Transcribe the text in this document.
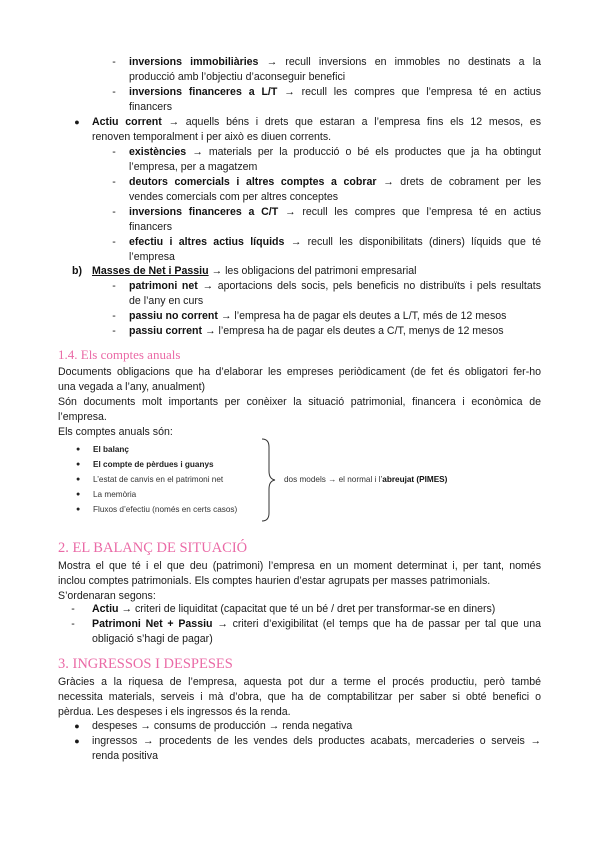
-	inversions immobiliàries → recull inversions en immobles no destinats a la
producció amb l’objectiu d’aconseguir benefici
-	inversions financeres a L/T → recull les compres que l’empresa té en actius
financers
● Actiu corrent → aquells béns i drets que estaran a l’empresa fins els 12 mesos, es
renoven temporalment i per això es diuen corrents.
-	existències → materials per la producció o bé els productes que ja ha obtingut
l’empresa, per a magatzem
-	deutors comercials i altres comptes a cobrar → drets de cobrament per les
vendes comercials com per altres conceptes
-	inversions financeres a C/T → recull les compres que l’empresa té en actius
financers
-	efectiu i altres actius líquids → recull les disponibilitats (diners) líquids que té
l’empresa
b) Masses de Net i Passiu → les obligacions del patrimoni empresarial
-	patrimoni net → aportacions dels socis, pels beneficis no distribuïts i pels resultats
de l’any en curs
-	passiu no corrent → l’empresa ha de pagar els deutes a L/T, més de 12 mesos
-	passiu corrent → l’empresa ha de pagar els deutes a C/T, menys de 12 mesos
1.4. Els comptes anuals
Documents obligacions que ha d’elaborar les empreses periòdicament (de fet és obligatori fer-ho
una vegada a l’any, anualment)
Són documents molt importants per conèixer la situació patrimonial, financera i econòmica de
l’empresa.
Els comptes anuals són:
● El balanç
● El compte de pèrdues i guanys
● L’estat de canvis en el patrimoni net
● La memòria
● Fluxos d’efectiu (només en certs casos)
dos models → el normal i l’abreujat (PIMES)
2. EL BALANÇ DE SITUACIÓ
Mostra el que té i el que deu (patrimoni) l’empresa en un moment determinat i, per tant, només
inclou comptes patrimonials. Els comptes haurien d’estar agrupats per masses patrimonials.
S’ordenaran segons:
-	Actiu → criteri de liquiditat (capacitat que té un bé / dret per transformar-se en diners)
-	Patrimoni Net + Passiu → criteri d’exigibilitat (el temps que ha de passar per tal que una
obligació s’hagi de pagar)
3. INGRESSOS I DESPESES
Gràcies a la riquesa de l’empresa, aquesta pot dur a terme el procés productiu, però també
necessita materials, serveis i mà d’obra, que ha de comptabilitzar per saber si obté benefici o
pèrdua. Les despeses i els ingressos és la renda.
● despeses → consums de producción → renda negativa
● ingressos → procedents de les vendes dels productes acabats, mercaderies o serveis →
renda positiva
